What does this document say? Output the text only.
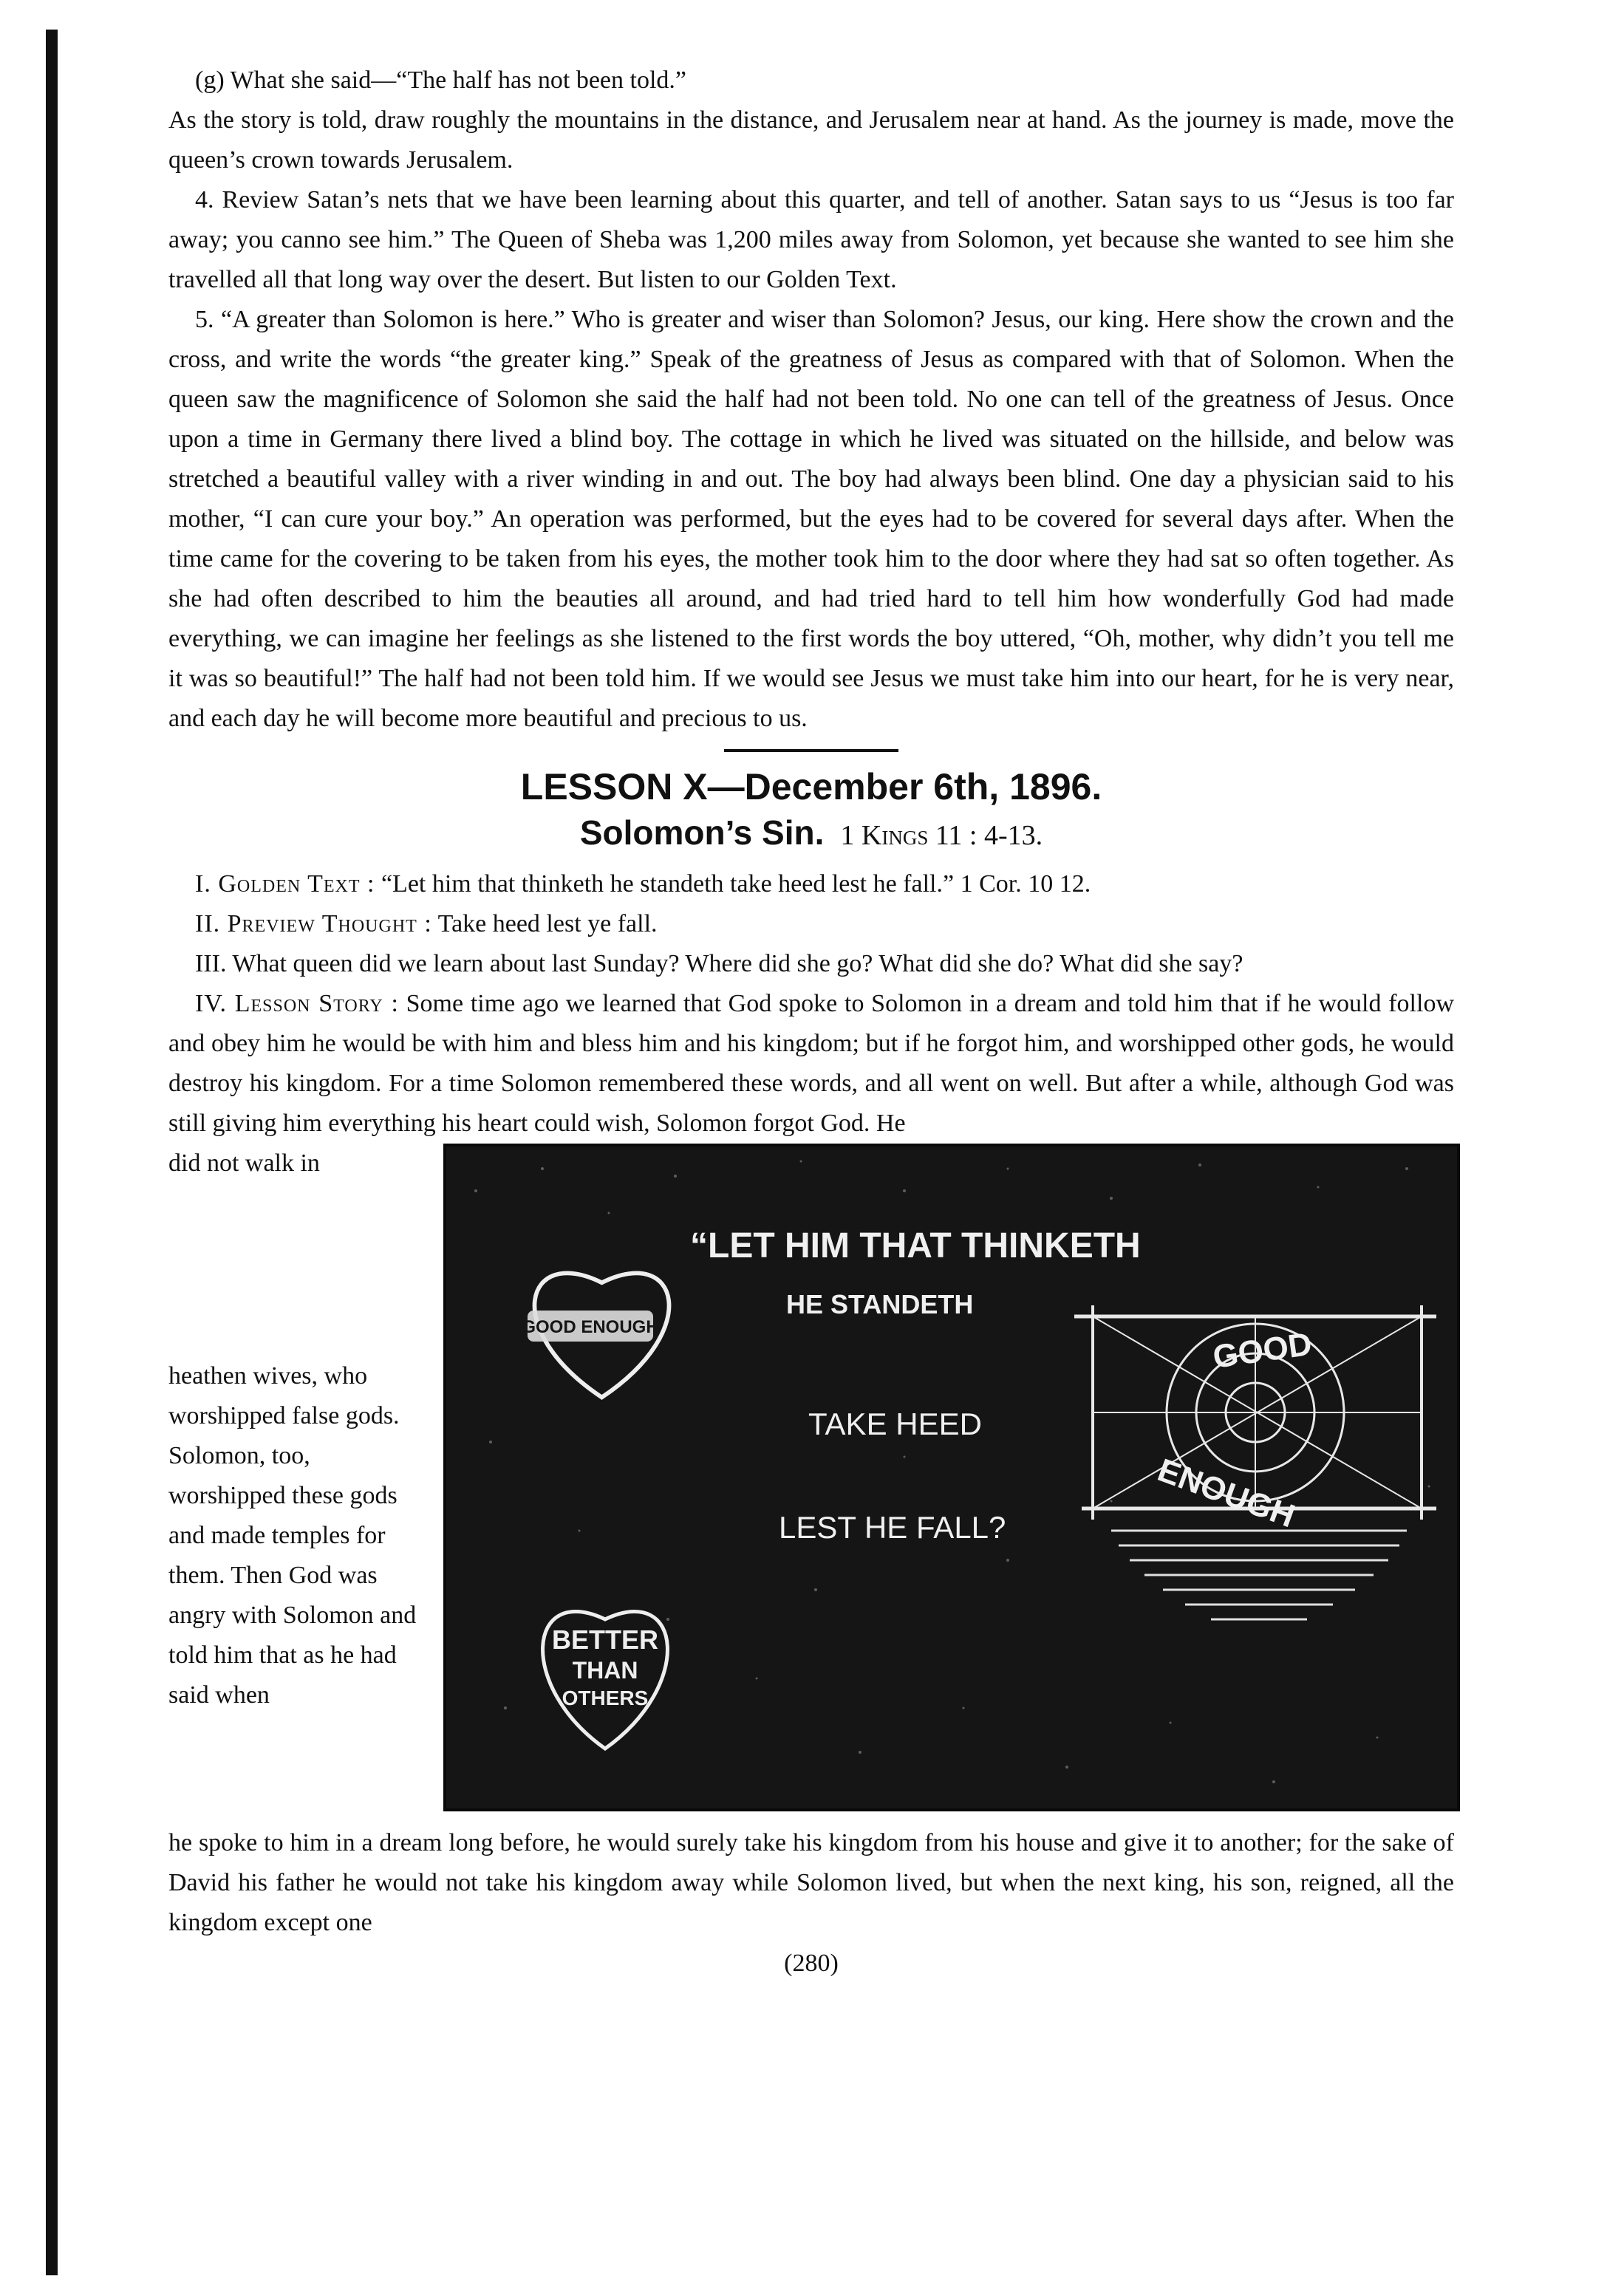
(g) What she said—“The half has not been told.”

As the story is told, draw roughly the mountains in the distance, and Jerusalem near at hand. As the journey is made, move the queen’s crown towards Jerusalem.

4. Review Satan’s nets that we have been learning about this quarter, and tell of another. Satan says to us “Jesus is too far away; you canno see him.” The Queen of Sheba was 1,200 miles away from Solomon, yet because she wanted to see him she travelled all that long way over the desert. But listen to our Golden Text.

5. “A greater than Solomon is here.” Who is greater and wiser than Solomon? Jesus, our king. Here show the crown and the cross, and write the words “the greater king.” Speak of the greatness of Jesus as compared with that of Solomon. When the queen saw the magnificence of Solomon she said the half had not been told. No one can tell of the greatness of Jesus. Once upon a time in Germany there lived a blind boy. The cottage in which he lived was situated on the hillside, and below was stretched a beautiful valley with a river winding in and out. The boy had always been blind. One day a physician said to his mother, “I can cure your boy.” An operation was performed, but the eyes had to be covered for several days after. When the time came for the covering to be taken from his eyes, the mother took him to the door where they had sat so often together. As she had often described to him the beauties all around, and had tried hard to tell him how wonderfully God had made everything, we can imagine her feelings as she listened to the first words the boy uttered, “Oh, mother, why didn’t you tell me it was so beautiful!” The half had not been told him. If we would see Jesus we must take him into our heart, for he is very near, and each day he will become more beautiful and precious to us.

LESSON X—December 6th, 1896.
Solomon’s Sin. 1 Kings 11 : 4-13.

I. Golden Text : “Let him that thinketh he standeth take heed lest he fall.” 1 Cor. 10 12.

II. Preview Thought : Take heed lest ye fall.

III. What queen did we learn about last Sunday? Where did she go? What did she do? What did she say?

IV. Lesson Story : Some time ago we learned that God spoke to Solomon in a dream and told him that if he would follow and obey him he would be with him and bless him and his kingdom; but if he forgot him, and worshipped other gods, he would destroy his kingdom. For a time Solomon remembered these words, and all went on well. But after a while, although God was still giving him everything his heart could wish, Solomon forgot God. He

did not walk in

heathen wives, who worshipped false gods. Solomon, too, worshipped these gods and made temples for them. Then God was angry with Solomon and told him that as he had said when

GOOD ENOUGH
BETTER
THAN
OTHERS
“LET HIM THAT THINKETH
HE STANDETH
TAKE HEED
LEST HE FALL?
GOOD
ENOUGH

he spoke to him in a dream long before, he would surely take his kingdom from his house and give it to another; for the sake of David his father he would not take his kingdom away while Solomon lived, but when the next king, his son, reigned, all the kingdom except one

(280)
